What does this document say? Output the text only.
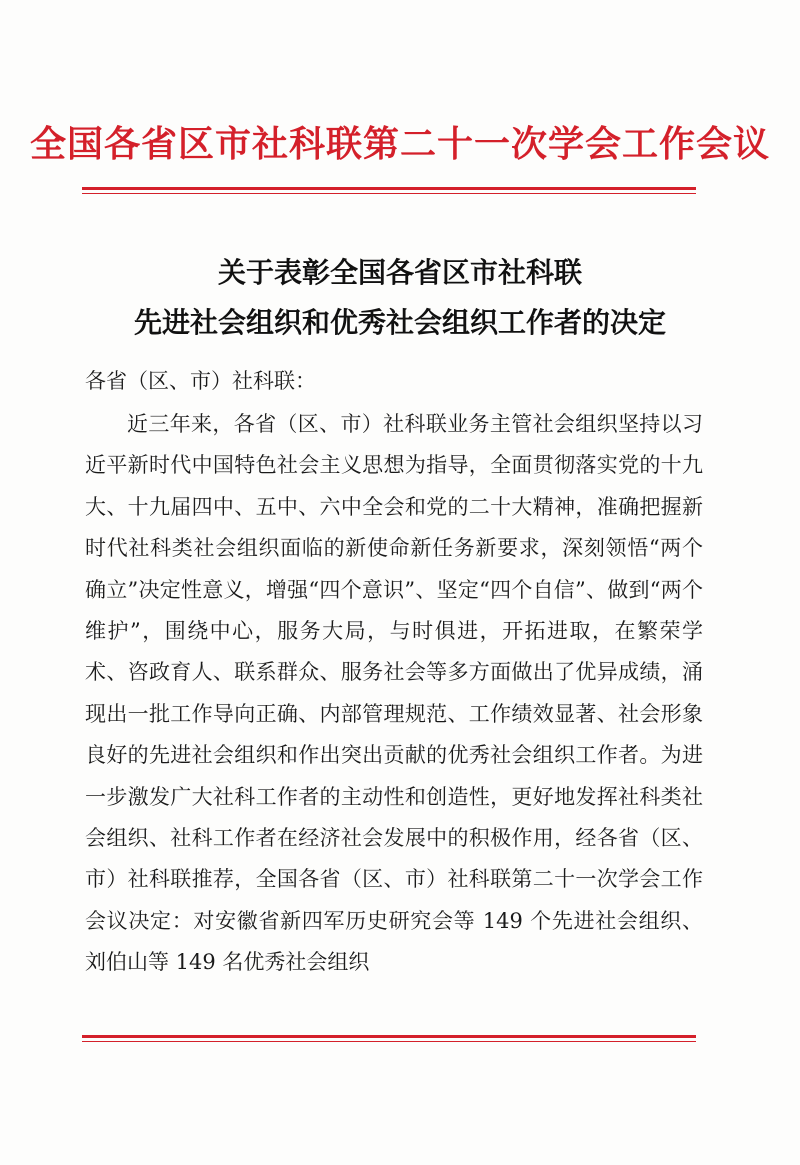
全国各省区市社科联第二十一次学会工作会议
关于表彰全国各省区市社科联
先进社会组织和优秀社会组织工作者的决定
各省（区、市）社科联：

近三年来，各省（区、市）社科联业务主管社会组织坚持以习近平新时代中国特色社会主义思想为指导，全面贯彻落实党的十九大、十九届四中、五中、六中全会和党的二十大精神，准确把握新时代社科类社会组织面临的新使命新任务新要求，深刻领悟“两个确立”决定性意义，增强“四个意识”、坚定“四个自信”、做到“两个维护”，围绕中心，服务大局，与时俱进，开拓进取，在繁荣学术、咨政育人、联系群众、服务社会等多方面做出了优异成绩，涌现出一批工作导向正确、内部管理规范、工作绩效显著、社会形象良好的先进社会组织和作出突出贡献的优秀社会组织工作者。为进一步激发广大社科工作者的主动性和创造性，更好地发挥社科类社会组织、社科工作者在经济社会发展中的积极作用，经各省（区、市）社科联推荐，全国各省（区、市）社科联第二十一次学会工作会议决定：对安徽省新四军历史研究会等 149 个先进社会组织、刘伯山等 149 名优秀社会组织
